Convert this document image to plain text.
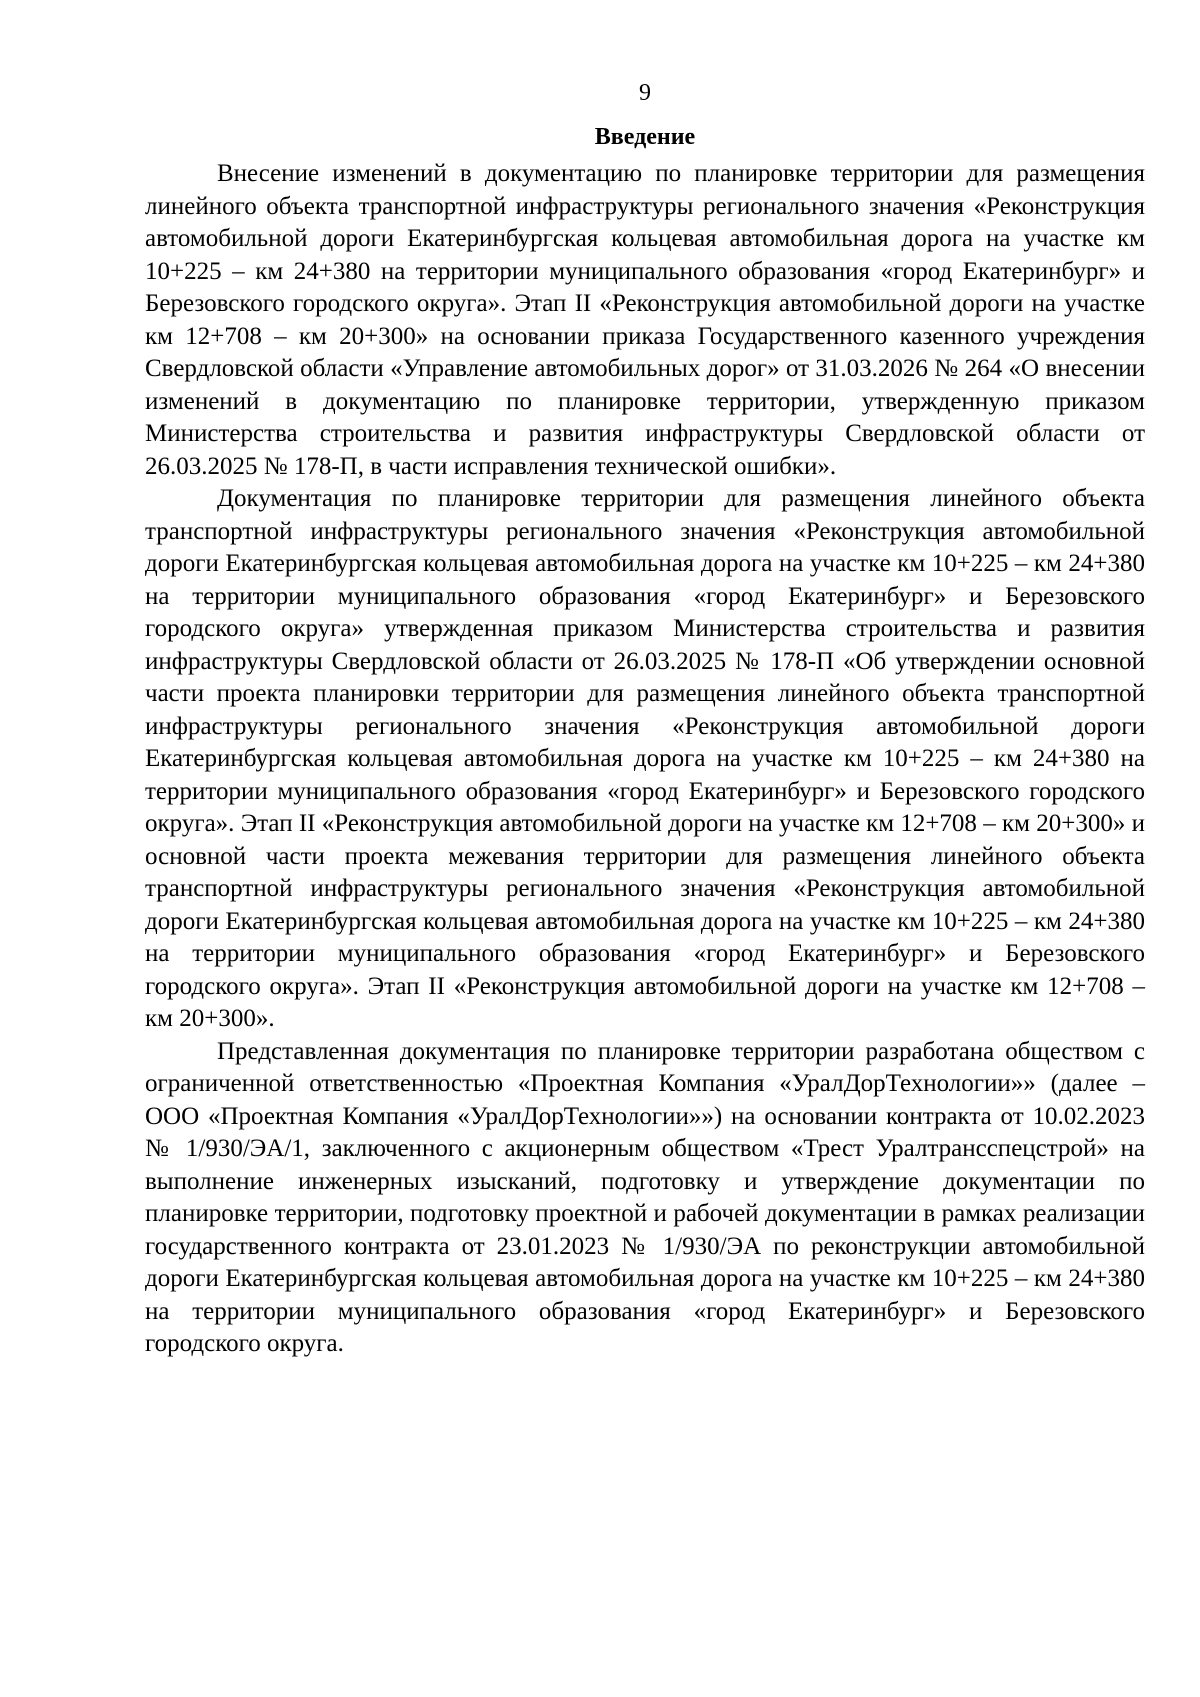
9
Введение

Внесение изменений в документацию по планировке территории для размещения линейного объекта транспортной инфраструктуры регионального значения «Реконструкция автомобильной дороги Екатеринбургская кольцевая автомобильная дорога на участке км 10+225 – км 24+380 на территории муниципального образования «город Екатеринбург» и Березовского городского округа». Этап II «Реконструкция автомобильной дороги на участке км 12+708 – км 20+300» на основании приказа Государственного казенного учреждения Свердловской области «Управление автомобильных дорог» от 31.03.2026 № 264 «О внесении изменений в документацию по планировке территории, утвержденную приказом Министерства строительства и развития инфраструктуры Свердловской области от 26.03.2025 № 178-П, в части исправления технической ошибки».

Документация по планировке территории для размещения линейного объекта транспортной инфраструктуры регионального значения «Реконструкция автомобильной дороги Екатеринбургская кольцевая автомобильная дорога на участке км 10+225 – км 24+380 на территории муниципального образования «город Екатеринбург» и Березовского городского округа» утвержденная приказом Министерства строительства и развития инфраструктуры Свердловской области от 26.03.2025 № 178-П «Об утверждении основной части проекта планировки территории для размещения линейного объекта транспортной инфраструктуры регионального значения «Реконструкция автомобильной дороги Екатеринбургская кольцевая автомобильная дорога на участке км 10+225 – км 24+380 на территории муниципального образования «город Екатеринбург» и Березовского городского округа». Этап II «Реконструкция автомобильной дороги на участке км 12+708 – км 20+300» и основной части проекта межевания территории для размещения линейного объекта транспортной инфраструктуры регионального значения «Реконструкция автомобильной дороги Екатеринбургская кольцевая автомобильная дорога на участке км 10+225 – км 24+380 на территории муниципального образования «город Екатеринбург» и Березовского городского округа». Этап II «Реконструкция автомобильной дороги на участке км 12+708 – км 20+300».

Представленная документация по планировке территории разработана обществом с ограниченной ответственностью «Проектная Компания «УралДорТехнологии»» (далее – ООО «Проектная Компания «УралДорТехнологии»») на основании контракта от 10.02.2023 № 1/930/ЭА/1, заключенного с акционерным обществом «Трест Уралтрансспецстрой» на выполнение инженерных изысканий, подготовку и утверждение документации по планировке территории, подготовку проектной и рабочей документации в рамках реализации государственного контракта от 23.01.2023 № 1/930/ЭА по реконструкции автомобильной дороги Екатеринбургская кольцевая автомобильная дорога на участке км 10+225 – км 24+380 на территории муниципального образования «город Екатеринбург» и Березовского городского округа.
